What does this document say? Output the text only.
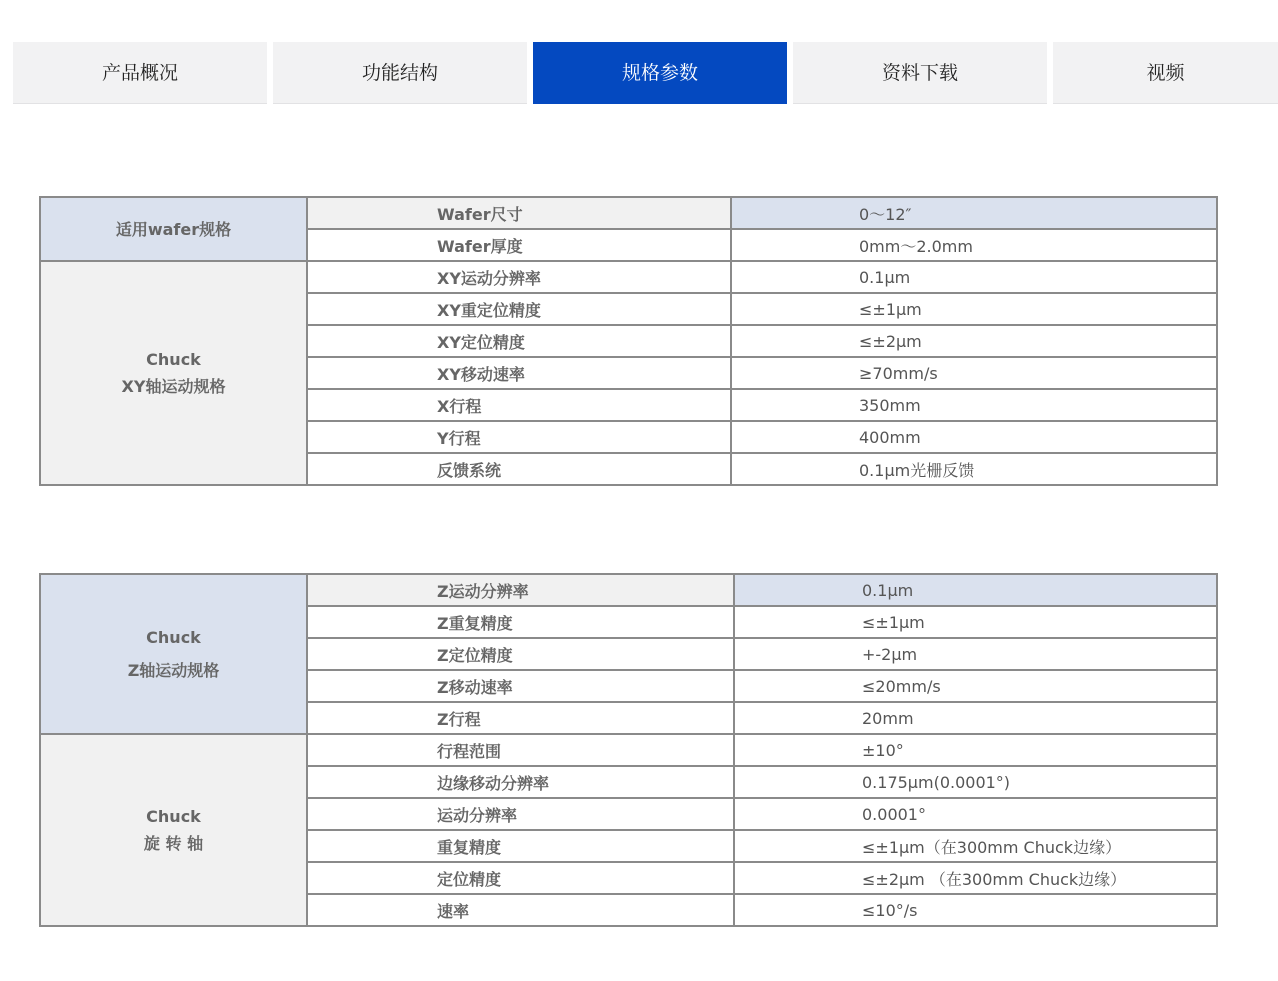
产品概况	功能结构	规格参数	资料下载	视频
适用wafer规格	Wafer尺寸	0～12″
	Wafer厚度	0mm～2.0mm

Chuck
XY轴运动规格	XY运动分辨率	0.1μm
	XY重定位精度	≤±1μm
	XY定位精度	≤±2μm
	XY移动速率	≥70mm/s
	X行程	350mm
	Y行程	400mm
	反馈系统	0.1μm光栅反馈
Chuck
Z轴运动规格	Z运动分辨率	0.1μm
	Z重复精度	≤±1μm
	Z定位精度	+-2μm
	Z移动速率	≤20mm/s
	Z行程	20mm

Chuck
旋 转 轴	行程范围	±10°
	边缘移动分辨率	0.175μm(0.0001°)
	运动分辨率	0.0001°
	重复精度	≤±1μm（在300mm Chuck边缘）
	定位精度	≤±2μm （在300mm Chuck边缘）
	速率	≤10°/s
